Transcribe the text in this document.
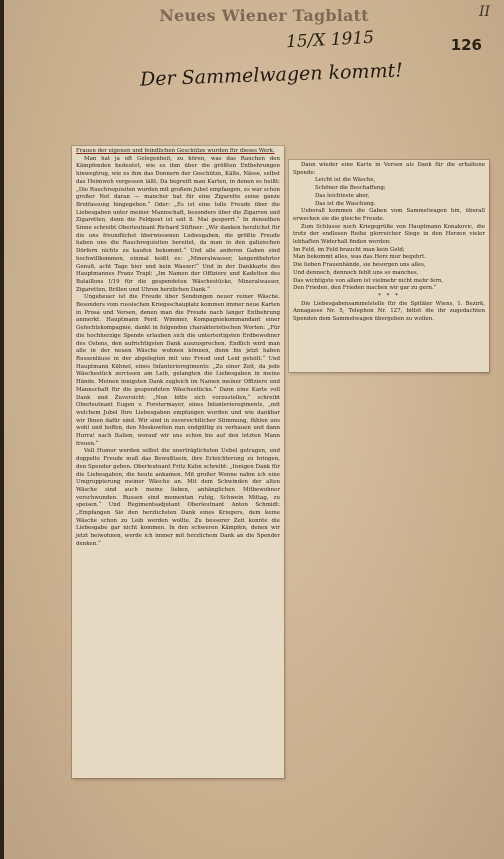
Neues Wiener Tagblatt	II
15/X 1915	126
Der Sammelwagen kommt!

Frauen der eigenen und feindlichen Geschütze wurden für dieses Werk.

Man hat ja oft Gelegenheit, zu hören, was das Rauchen den Kämpfenden bedeutet, wie es ihm über die größten Entbehrungen hinwegtrug, wie es ihm das Donnern der Geschütze, Kälte, Nässe, selbst das Heimweh vergessen läßt. Da begreift man Karten, in denen es heißt: „Die Rauchrequisiten wurden mit großem Jubel empfangen, es war schon großer Not daran — mancher hat für eine Zigarette seine ganze Brotfassung hingegeben.“ Oder: „Es ist eine tolle Freude über die Liebesgaben unter meiner Mannschaft, besonders über die Zigarren und Zigaretten, denn die Feldpost ist seit 8. Mai gesperrt.“ In denselben Sinne schreibt Oberleutnant Richard Stiftner: „Wir danken herzlichst für die uns freundlichst überwiesenen Liebesgaben, die größte Freude haben uns die Rauchrequisiten bereitet, da man in den galizischen Dörfern nichts zu kaufen bekommt.“ Und alle anderen Gaben sind hochwillkommen, einmal heißt es: „Mineralwasser, langentbehrter Genuß, acht Tage hier und kein Wasser!“ Und in der Dankkarte des Hauptmannes Franz Trapl: „Im Namen der Offiziere und Kadetten des Bataillons I/19 für die gespendeten Wäschestücke, Mineralwasser, Zigaretten, Brillen und Uhren herzlichen Dank.“

Ungeheuer ist die Freude über Sendungen neuer reiner Wäsche. Besonders vom russischen Kriegsschauplatz kommen immer neue Karten in Prosa und Versen, denen man die Freude nach langer Entbehrung anmerkt. Hauptmann Ferd. Wimmer, Kompagniekommandant einer Gefechtskompagnie, dankt in folgenden charakteristischen Worten: „Für die hochherzige Spende erlauben sich die untertertigsten Erdbewohner des Ostens, den aufrichtigsten Dank auszusprechen. Endlich wird man alle in der neuen Wäsche wohnen können, denn bis jetzt haben Russenläuse in der abgelegten mit uns Freud und Leid geteilt.“ Und Hauptmann Kühnel, eines Infanterieregiments: „Zu einer Zeit, da jede Wäschestück zerrissen am Leib, gelangten die Liebesgaben in meine Hände. Meinen innigsten Dank zugleich im Namen meiner Offiziere und Mannschaft für die gespendeten Wäschestücke.“ Dann eine Karte voll Dank und Zuversicht: „Nun bitte sich vorzustellen,“ schreibt Oberleutnant Eugen v. Forstermayer, eines Infanterieregiments, „mit welchem Jubel Ihre Liebesgaben empfangen wurden und wie dankbar wir Ihnen dafür sind. Wir sind in zuversichtlicher Stimmung, fühlen uns wohl und hoffen, den Moskowiten nun endgültig zu verhauen und dann Hurra! nach Italien, worauf wir uns schon bis auf den letzten Mann freuen.“

Voll Humor werden selbst die unerträglichsten Uebel getragen, und doppelte Freude muß das Bewußtsein, ihre Erleichterung zu bringen, den Spender geben. Oberleutnant Fritz Kuhn schreibt: „Innigen Dank für die Liebesgaben, die heute ankamen. Mit großer Wonne nahm ich eine Umgruppierung meiner Wäsche an. Mit dem Schwinden der alten Wäsche sind auch meine lieben, anhänglichen Mitbewohner verschwunden. Russen sind momentan ruhig, Schwein Mittag, zu speisen.“ Und Regimentsadjutant Oberleutnant Anton Schmidt: „Empfangen Sie den herzlichsten Dank eines Kriegers, dem keine Wäsche schon zu Leib werden wollte. Zu besserer Zeit konnte die Liebesgabe gar nicht kommen. In den schweren Kämpfen, denen wir jetzt beiwohnen, werde ich immer mit herzlichem Dank an die Spender denken.“

Dann wieder eine Karte in Versen als Dank für die erhaltene Spende:

Leicht ist die Wäsche,

Schöner die Beschaffung;

Das leichteste aber,

Das ist die Waschung.

Ueberall kommen die Gaben vom Sammelwagen hin, überall erwecken sie die gleiche Freude.

Zum Schlusse noch Kriegsgrüße von Hauptmann Konakovic, die trotz der endlosen Reihe glorreicher Siege in den Herzen vieler lebhaften Widerhall finden werden:

Im Feld, im Feld braucht man kein Geld;

Man bekommt alles, was das Herz mur begehrt.

Die lieben Frauenhände, sie besorgen uns alles,

Und dennoch, dennoch fehlt uns so manches,

Das wichtigste von allem ist vielmehr nicht mehr fern,

Den Frieden, den Frieden machen wir gar zu gern.“

* * *

Die Liebesgabensammelstelle für die Spitäler Wiens, 1. Bezirk, Annagasse Nr. 5, Telephon Nr. 127, bittet die ihr zugedachten Spenden dem Sammelwagen übergeben zu wollen.
